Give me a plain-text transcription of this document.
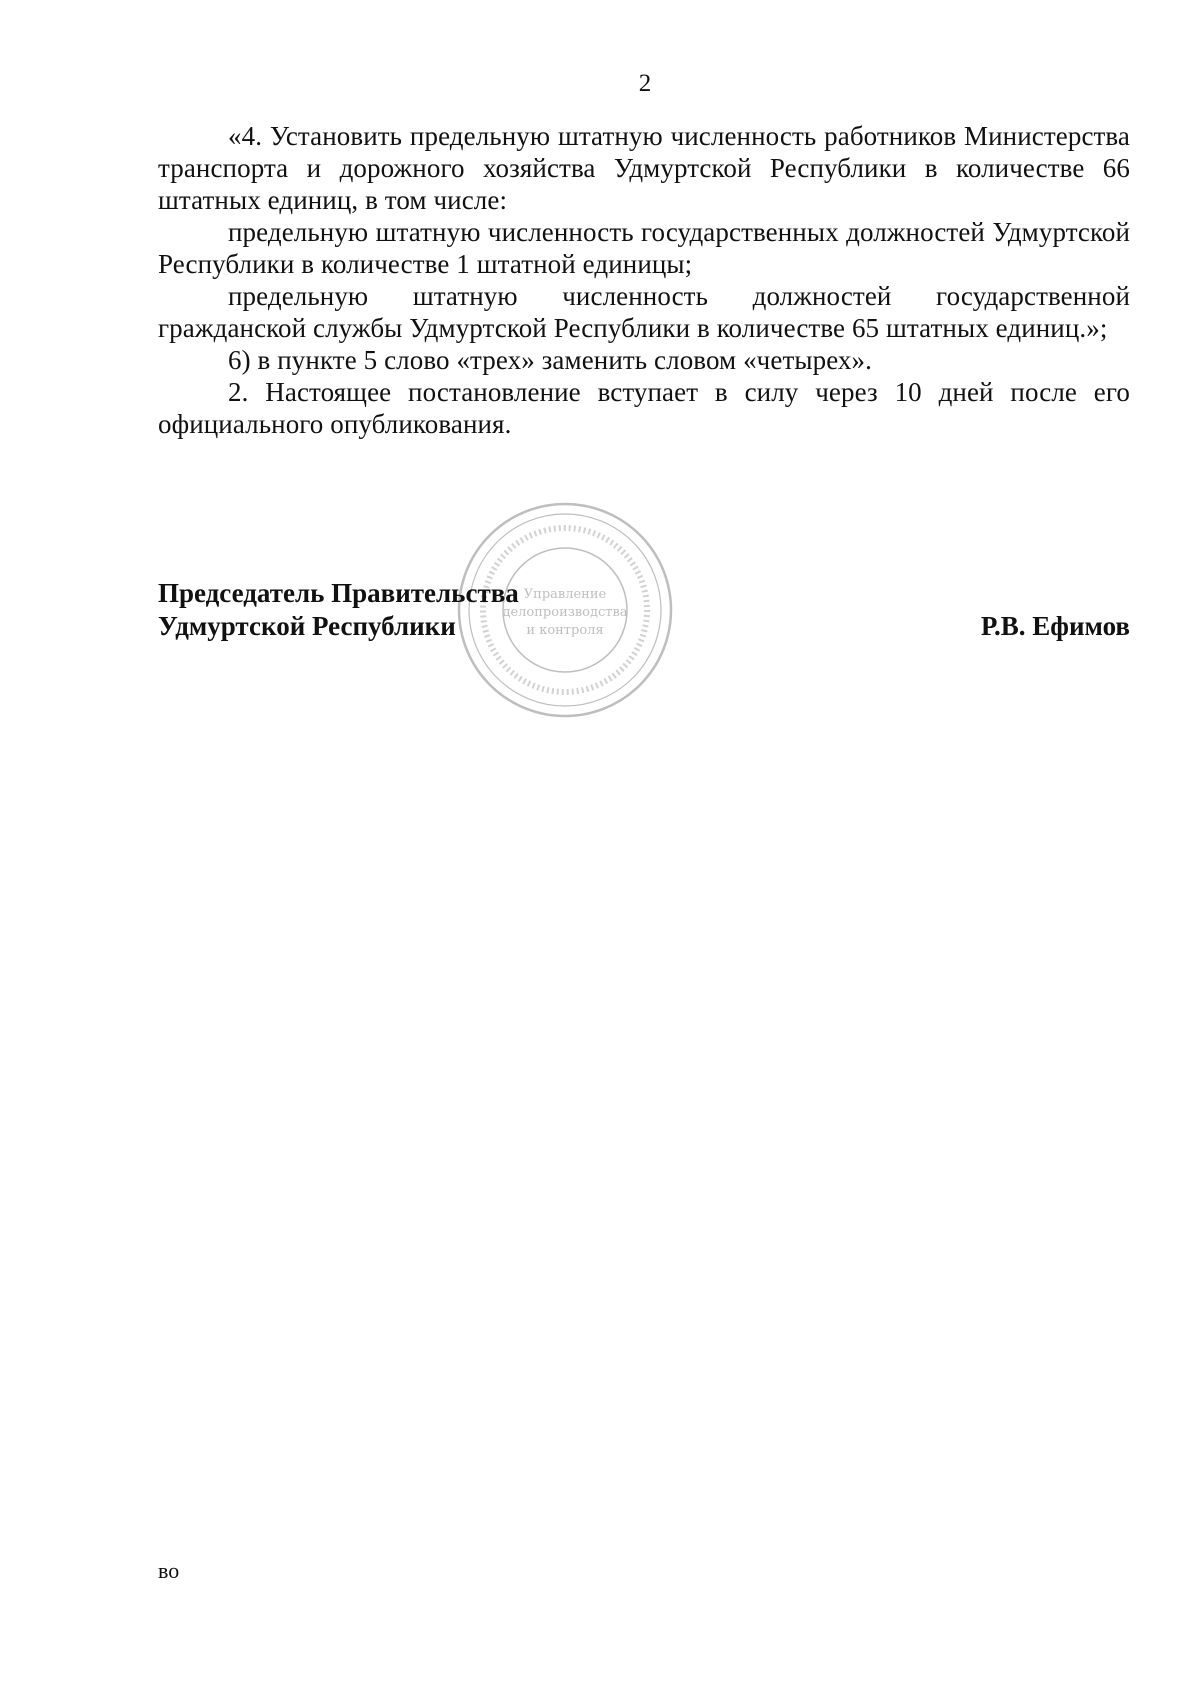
2

«4. Установить предельную штатную численность работников Министерства транспорта и дорожного хозяйства Удмуртской Республики в количестве 66 штатных единиц, в том числе:

предельную штатную численность государственных должностей Удмуртской Республики в количестве 1 штатной единицы;

предельную штатную численность должностей государственной гражданской службы Удмуртской Республики в количестве 65 штатных единиц.»;

6) в пункте 5 слово «трех» заменить словом «четырех».

2. Настоящее постановление вступает в силу через 10 дней после его официального опубликования.

Управление
делопроизводства
и контроля
Председатель Правительства
Удмуртской Республики	Р.В. Ефимов
во
